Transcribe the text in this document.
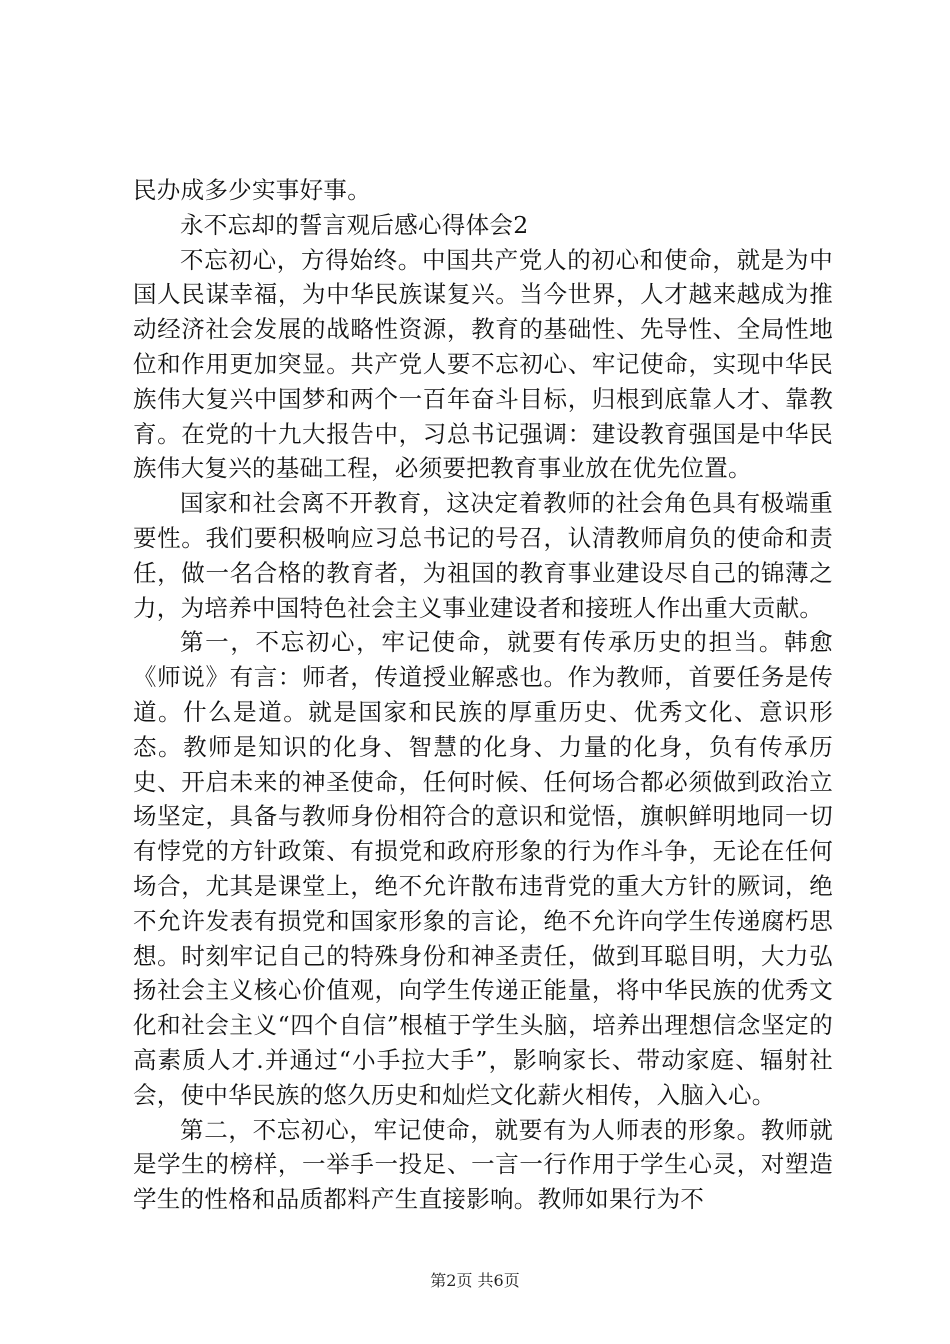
民办成多少实事好事。

永不忘却的誓言观后感心得体会2

不忘初心，方得始终。中国共产党人的初心和使命，就是为中国人民谋幸福，为中华民族谋复兴。当今世界，人才越来越成为推动经济社会发展的战略性资源，教育的基础性、先导性、全局性地位和作用更加突显。共产党人要不忘初心、牢记使命，实现中华民族伟大复兴中国梦和两个一百年奋斗目标，归根到底靠人才、靠教育。在党的十九大报告中，习总书记强调：建设教育强国是中华民族伟大复兴的基础工程，必须要把教育事业放在优先位置。

国家和社会离不开教育，这决定着教师的社会角色具有极端重要性。我们要积极响应习总书记的号召，认清教师肩负的使命和责任，做一名合格的教育者，为祖国的教育事业建设尽自己的锦薄之力，为培养中国特色社会主义事业建设者和接班人作出重大贡献。

第一，不忘初心，牢记使命，就要有传承历史的担当。韩愈《师说》有言：师者，传道授业解惑也。作为教师，首要任务是传道。什么是道。就是国家和民族的厚重历史、优秀文化、意识形态。教师是知识的化身、智慧的化身、力量的化身，负有传承历史、开启未来的神圣使命，任何时候、任何场合都必须做到政治立场坚定，具备与教师身份相符合的意识和觉悟，旗帜鲜明地同一切有悖党的方针政策、有损党和政府形象的行为作斗争，无论在任何场合，尤其是课堂上，绝不允许散布违背党的重大方针的厥词，绝不允许发表有损党和国家形象的言论，绝不允许向学生传递腐朽思想。时刻牢记自己的特殊身份和神圣责任，做到耳聪目明，大力弘扬社会主义核心价值观，向学生传递正能量，将中华民族的优秀文化和社会主义“四个自信”根植于学生头脑，培养出理想信念坚定的高素质人才.并通过“小手拉大手”，影响家长、带动家庭、辐射社会，使中华民族的悠久历史和灿烂文化薪火相传，入脑入心。

第二，不忘初心，牢记使命，就要有为人师表的形象。教师就是学生的榜样，一举手一投足、一言一行作用于学生心灵，对塑造学生的性格和品质都料产生直接影响。教师如果行为不

第2页 共6页
